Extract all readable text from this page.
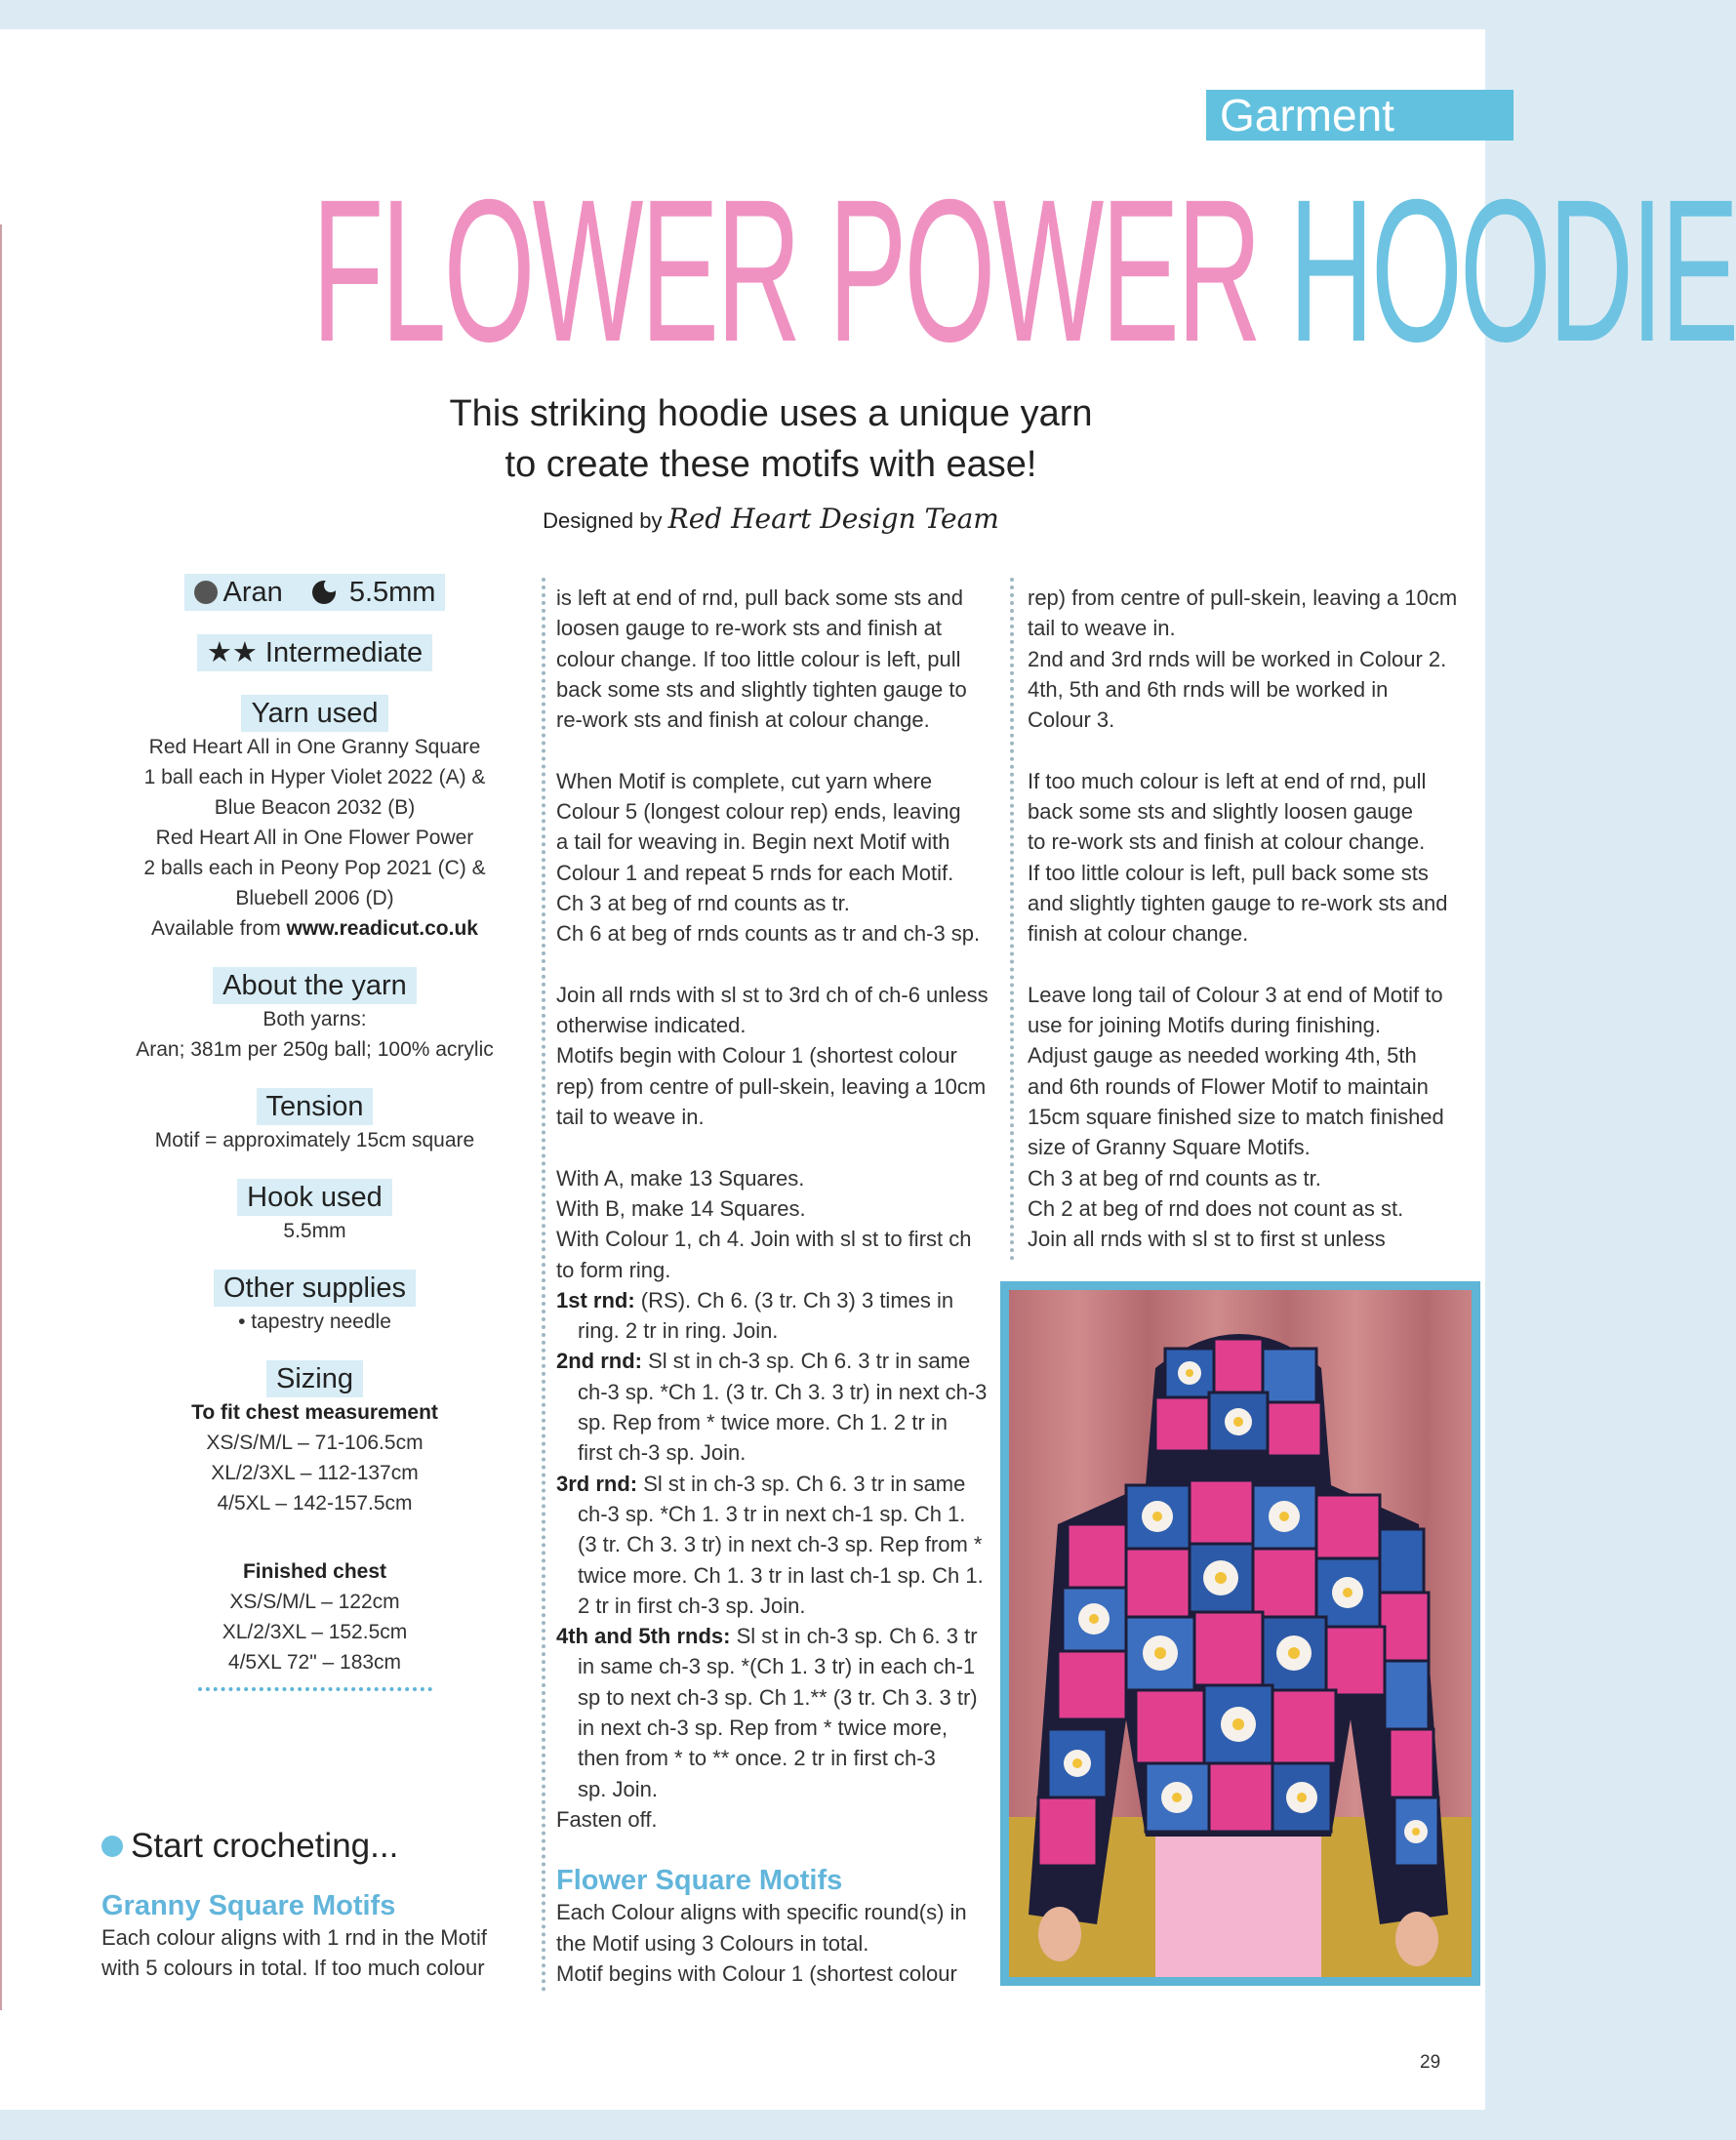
Garment
FLOWER POWER HOODIE
This striking hoodie uses a unique yarn
to create these motifs with ease!
Designed by Red Heart Design Team
Aran 5.5mm
★★ Intermediate
Yarn used
Red Heart All in One Granny Square
1 ball each in Hyper Violet 2022 (A) &
Blue Beacon 2032 (B)
Red Heart All in One Flower Power
2 balls each in Peony Pop 2021 (C) &
Bluebell 2006 (D)
Available from www.readicut.co.uk
About the yarn
Both yarns:
Aran; 381m per 250g ball; 100% acrylic
Tension
Motif = approximately 15cm square
Hook used
5.5mm
Other supplies
• tapestry needle
Sizing
To fit chest measurement
XS/S/M/L – 71-106.5cm
XL/2/3XL – 112-137cm
4/5XL – 142-157.5cm
Finished chest
XS/S/M/L – 122cm
XL/2/3XL – 152.5cm
4/5XL 72" – 183cm
Start crocheting...
Granny Square Motifs

Each colour aligns with 1 rnd in the Motif
with 5 colours in total. If too much colour

is left at end of rnd, pull back some sts and
loosen gauge to re-work sts and finish at
colour change. If too little colour is left, pull
back some sts and slightly tighten gauge to
re-work sts and finish at colour change.

When Motif is complete, cut yarn where
Colour 5 (longest colour rep) ends, leaving
a tail for weaving in. Begin next Motif with
Colour 1 and repeat 5 rnds for each Motif.
Ch 3 at beg of rnd counts as tr.
Ch 6 at beg of rnds counts as tr and ch-3 sp.

Join all rnds with sl st to 3rd ch of ch-6 unless
otherwise indicated.
Motifs begin with Colour 1 (shortest colour
rep) from centre of pull-skein, leaving a 10cm
tail to weave in.

With A, make 13 Squares.
With B, make 14 Squares.
With Colour 1, ch 4. Join with sl st to first ch
to form ring.

1st rnd: (RS). Ch 6. (3 tr. Ch 3) 3 times in
ring. 2 tr in ring. Join.

2nd rnd: Sl st in ch-3 sp. Ch 6. 3 tr in same
ch-3 sp. *Ch 1. (3 tr. Ch 3. 3 tr) in next ch-3
sp. Rep from * twice more. Ch 1. 2 tr in
first ch-3 sp. Join.

3rd rnd: Sl st in ch-3 sp. Ch 6. 3 tr in same
ch-3 sp. *Ch 1. 3 tr in next ch-1 sp. Ch 1.
(3 tr. Ch 3. 3 tr) in next ch-3 sp. Rep from *
twice more. Ch 1. 3 tr in last ch-1 sp. Ch 1.
2 tr in first ch-3 sp. Join.

4th and 5th rnds: Sl st in ch-3 sp. Ch 6. 3 tr
in same ch-3 sp. *(Ch 1. 3 tr) in each ch-1
sp to next ch-3 sp. Ch 1.** (3 tr. Ch 3. 3 tr)
in next ch-3 sp. Rep from * twice more,
then from * to ** once. 2 tr in first ch-3
sp. Join.

Fasten off.

Flower Square Motifs

Each Colour aligns with specific round(s) in
the Motif using 3 Colours in total.
Motif begins with Colour 1 (shortest colour

rep) from centre of pull-skein, leaving a 10cm
tail to weave in.
2nd and 3rd rnds will be worked in Colour 2.
4th, 5th and 6th rnds will be worked in
Colour 3.

If too much colour is left at end of rnd, pull
back some sts and slightly loosen gauge
to re-work sts and finish at colour change.
If too little colour is left, pull back some sts
and slightly tighten gauge to re-work sts and
finish at colour change.

Leave long tail of Colour 3 at end of Motif to
use for joining Motifs during finishing.
Adjust gauge as needed working 4th, 5th
and 6th rounds of Flower Motif to maintain
15cm square finished size to match finished
size of Granny Square Motifs.
Ch 3 at beg of rnd counts as tr.
Ch 2 at beg of rnd does not count as st.
Join all rnds with sl st to first st unless

29
